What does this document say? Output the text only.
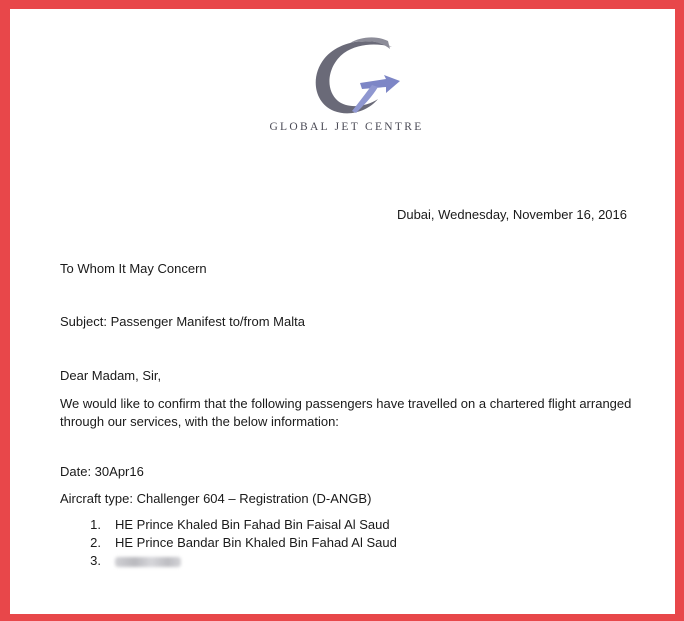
GLOBAL JET CENTRE
Dubai, Wednesday, November 16, 2016
To Whom It May Concern
Subject: Passenger Manifest to/from Malta
Dear Madam, Sir,
We would like to confirm that the following passengers have travelled on a chartered flight arranged through our services, with the below information:
Date: 30Apr16
Aircraft type: Challenger 604 – Registration (D-ANGB)
1.	HE Prince Khaled Bin Fahad Bin Faisal Al Saud
2.	HE Prince Bandar Bin Khaled Bin Fahad Al Saud
3.
